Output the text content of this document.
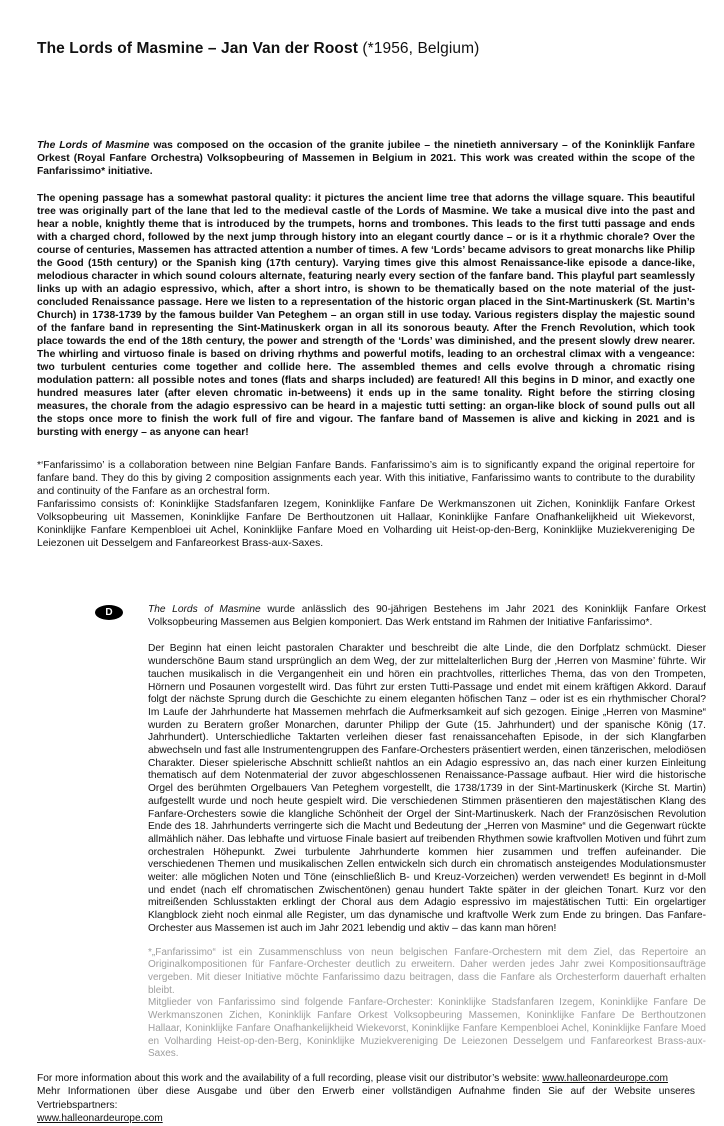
The Lords of Masmine – Jan Van der Roost (*1956, Belgium)

The Lords of Masmine was composed on the occasion of the granite jubilee – the ninetieth anniversary – of the Koninklijk Fanfare Orkest (Royal Fanfare Orchestra) Volksopbeuring of Massemen in Belgium in 2021. This work was created within the scope of the Fanfarissimo* initiative.

The opening passage has a somewhat pastoral quality: it pictures the ancient lime tree that adorns the village square. This beautiful tree was originally part of the lane that led to the medieval castle of the Lords of Masmine. We take a musical dive into the past and hear a noble, knightly theme that is introduced by the trumpets, horns and trombones. This leads to the first tutti passage and ends with a charged chord, followed by the next jump through history into an elegant courtly dance – or is it a rhythmic chorale? Over the course of centuries, Massemen has attracted attention a number of times. A few ‘Lords’ became advisors to great monarchs like Philip the Good (15th century) or the Spanish king (17th century). Varying times give this almost Renaissance-like episode a dance-like, melodious character in which sound colours alternate, featuring nearly every section of the fanfare band. This playful part seamlessly links up with an adagio espressivo, which, after a short intro, is shown to be thematically based on the note material of the just-concluded Renaissance passage. Here we listen to a representation of the historic organ placed in the Sint-Martinuskerk (St. Martin’s Church) in 1738-1739 by the famous builder Van Peteghem – an organ still in use today. Various registers display the majestic sound of the fanfare band in representing the Sint-Matinuskerk organ in all its sonorous beauty. After the French Revolution, which took place towards the end of the 18th century, the power and strength of the ‘Lords’ was diminished, and the present slowly drew nearer. The whirling and virtuoso finale is based on driving rhythms and powerful motifs, leading to an orchestral climax with a vengeance: two turbulent centuries come together and collide here. The assembled themes and cells evolve through a chromatic rising modulation pattern: all possible notes and tones (flats and sharps included) are featured! All this begins in D minor, and exactly one hundred measures later (after eleven chromatic in-betweens) it ends up in the same tonality. Right before the stirring closing measures, the chorale from the adagio espressivo can be heard in a majestic tutti setting: an organ-like block of sound pulls out all the stops once more to finish the work full of fire and vigour. The fanfare band of Massemen is alive and kicking in 2021 and is bursting with energy – as anyone can hear!

*‘Fanfarissimo’ is a collaboration between nine Belgian Fanfare Bands. Fanfarissimo’s aim is to significantly expand the original repertoire for fanfare band. They do this by giving 2 composition assignments each year. With this initiative, Fanfarissimo wants to contribute to the durability and continuity of the Fanfare as an orchestral form.

Fanfarissimo consists of: Koninklijke Stadsfanfaren Izegem, Koninklijke Fanfare De Werkmanszonen uit Zichen, Koninklijk Fanfare Orkest Volksopbeuring uit Massemen, Koninklijke Fanfare De Berthoutzonen uit Hallaar, Koninklijke Fanfare Onafhankelijkheid uit Wiekevorst, Koninklijke Fanfare Kempenbloei uit Achel, Koninklijke Fanfare Moed en Volharding uit Heist-op-den-Berg, Koninklijke Muziekvereniging De Leiezonen uit Desselgem and Fanfareorkest Brass-aux-Saxes.

D	The Lords of Masmine wurde anlässlich des 90-jährigen Bestehens im Jahr 2021 des Koninklijk Fanfare Orkest Volksopbeuring Massemen aus Belgien komponiert. Das Werk entstand im Rahmen der Initiative Fanfarissimo*.

Der Beginn hat einen leicht pastoralen Charakter und beschreibt die alte Linde, die den Dorfplatz schmückt. Dieser wunderschöne Baum stand ursprünglich an dem Weg, der zur mittelalterlichen Burg der ‚Herren von Masmine’ führte. Wir tauchen musikalisch in die Vergangenheit ein und hören ein prachtvolles, ritterliches Thema, das von den Trompeten, Hörnern und Posaunen vorgestellt wird. Das führt zur ersten Tutti-Passage und endet mit einem kräftigen Akkord. Darauf folgt der nächste Sprung durch die Geschichte zu einem eleganten höfischen Tanz – oder ist es ein rhythmischer Choral? Im Laufe der Jahrhunderte hat Massemen mehrfach die Aufmerksamkeit auf sich gezogen. Einige „Herren von Masmine“ wurden zu Beratern großer Monarchen, darunter Philipp der Gute (15. Jahrhundert) und der spanische König (17. Jahrhundert). Unterschiedliche Taktarten verleihen dieser fast renaissancehaften Episode, in der sich Klangfarben abwechseln und fast alle Instrumentengruppen des Fanfare-Orchesters präsentiert werden, einen tänzerischen, melodiösen Charakter. Dieser spielerische Abschnitt schließt nahtlos an ein Adagio espressivo an, das nach einer kurzen Einleitung thematisch auf dem Notenmaterial der zuvor abgeschlossenen Renaissance-Passage aufbaut. Hier wird die historische Orgel des berühmten Orgelbauers Van Peteghem vorgestellt, die 1738/1739 in der Sint-Martinuskerk (Kirche St. Martin) aufgestellt wurde und noch heute gespielt wird. Die verschiedenen Stimmen präsentieren den majestätischen Klang des Fanfare-Orchesters sowie die klangliche Schönheit der Orgel der Sint-Martinuskerk. Nach der Französischen Revolution Ende des 18. Jahrhunderts verringerte sich die Macht und Bedeutung der „Herren von Masmine“ und die Gegenwart rückte allmählich näher. Das lebhafte und virtuose Finale basiert auf treibenden Rhythmen sowie kraftvollen Motiven und führt zum orchestralen Höhepunkt. Zwei turbulente Jahrhunderte kommen hier zusammen und treffen aufeinander. Die verschiedenen Themen und musikalischen Zellen entwickeln sich durch ein chromatisch ansteigendes Modulationsmuster weiter: alle möglichen Noten und Töne (einschließlich B- und Kreuz-Vorzeichen) werden verwendet! Es beginnt in d-Moll und endet (nach elf chromatischen Zwischentönen) genau hundert Takte später in der gleichen Tonart. Kurz vor den mitreißenden Schlusstakten erklingt der Choral aus dem Adagio espressivo im majestätischen Tutti: Ein orgelartiger Klangblock zieht noch einmal alle Register, um das dynamische und kraftvolle Werk zum Ende zu bringen. Das Fanfare-Orchester aus Massemen ist auch im Jahr 2021 lebendig und aktiv – das kann man hören!

*„Fanfarissimo“ ist ein Zusammenschluss von neun belgischen Fanfare-Orchestern mit dem Ziel, das Repertoire an Originalkompositionen für Fanfare-Orchester deutlich zu erweitern. Daher werden jedes Jahr zwei Kompositionsaufträge vergeben. Mit dieser Initiative möchte Fanfarissimo dazu beitragen, dass die Fanfare als Orchesterform dauerhaft erhalten bleibt.

Mitglieder von Fanfarissimo sind folgende Fanfare-Orchester: Koninklijke Stadsfanfaren Izegem, Koninklijke Fanfare De Werkmanszonen Zichen, Koninklijk Fanfare Orkest Volksopbeuring Massemen, Koninklijke Fanfare De Berthoutzonen Hallaar, Koninklijke Fanfare Onafhankelijkheid Wiekevorst, Koninklijke Fanfare Kempenbloei Achel, Koninklijke Fanfare Moed en Volharding Heist-op-den-Berg, Koninklijke Muziekvereniging De Leiezonen Desselgem und Fanfareorkest Brass-aux-Saxes.

For more information about this work and the availability of a full recording, please visit our distributor’s website: www.halleonardeurope.com

Mehr Informationen über diese Ausgabe und über den Erwerb einer vollständigen Aufnahme finden Sie auf der Website unseres Vertriebspartners:

www.halleonardeurope.com
